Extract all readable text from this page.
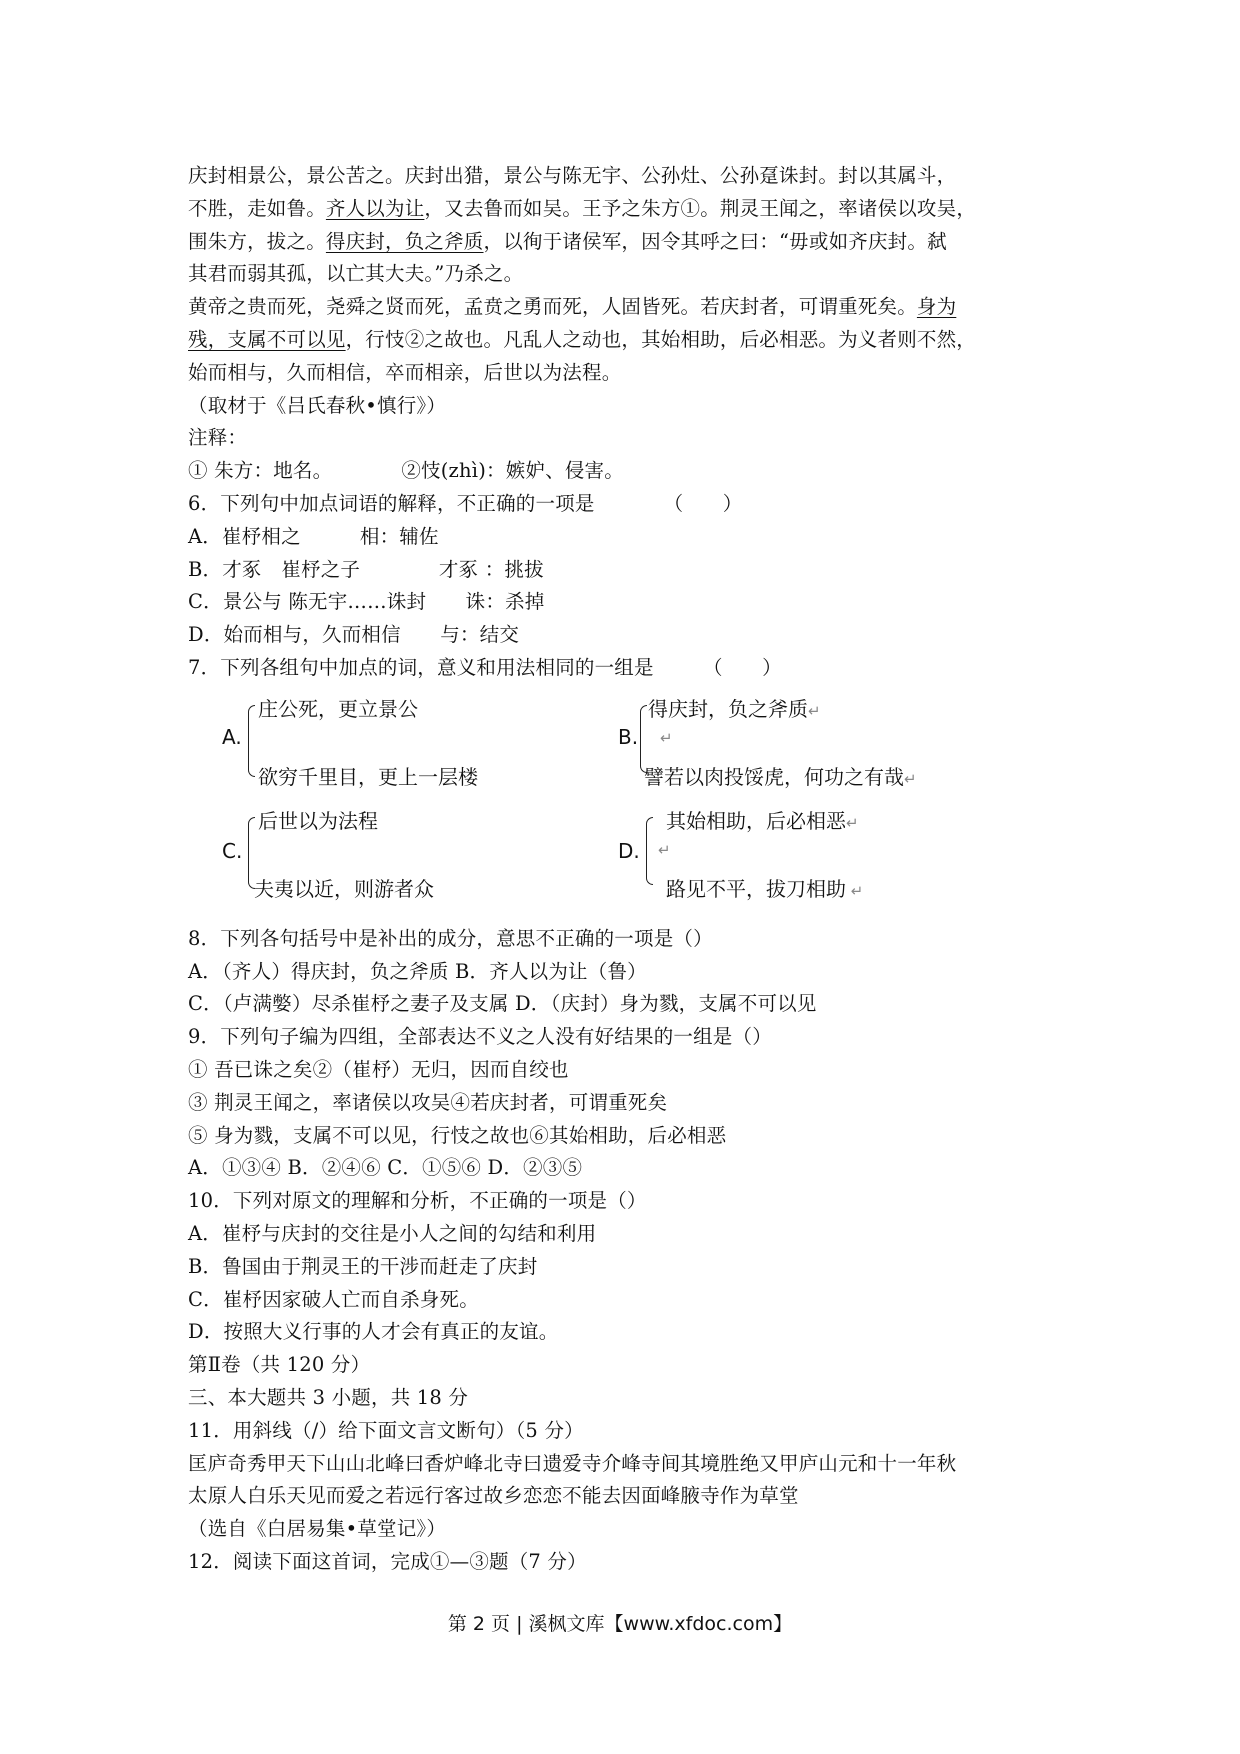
庆封相景公，景公苦之。庆封出猎，景公与陈无宇、公孙灶、公孙趸诛封。封以其属斗，
不胜，走如鲁。齐人以为让，又去鲁而如吴。王予之朱方①。荆灵王闻之，率诸侯以攻吴，
围朱方，拔之。得庆封，负之斧质，以徇于诸侯军，因令其呼之曰：“毋或如齐庆封。弑
其君而弱其孤，以亡其大夫。”乃杀之。
黄帝之贵而死，尧舜之贤而死，孟贲之勇而死，人固皆死。若庆封者，可谓重死矣。身为
残，支属不可以见，行忮②之故也。凡乱人之动也，其始相助，后必相恶。为义者则不然，
始而相与，久而相信，卒而相亲，后世以为法程。
（取材于《吕氏春秋•慎行》）
注释：
① 朱方：地名。　　　　②忮(zhì)：嫉妒、侵害。
6．下列句中加点词语的解释，不正确的一项是　　　　（　　）
A．崔杼相之　　　相：辅佐
B．才豖　崔杼之子　　　　才豖 ：挑拔
C．景公与 陈无宇……诛封　　诛：杀掉
D．始而相与，久而相信　　与：结交
7．下列各组句中加点的词，意义和用法相同的一组是　　　（　　）
A.
庄公死，更立景公
欲穷千里目，更上一层楼
B.
得庆封，负之斧质↵
↵
譬若以肉投馁虎，何功之有哉↵
C.
后世以为法程
夫夷以近，则游者众
D.
其始相助，后必相恶↵
↵
路见不平，拔刀相助 ↵
8．下列各句括号中是补出的成分，意思不正确的一项是（）
A．（齐人）得庆封，负之斧质 B．齐人以为让（鲁）
C．（卢满嫳）尽杀崔杼之妻子及支属 D．（庆封）身为戮，支属不可以见
9．下列句子编为四组，全部表达不义之人没有好结果的一组是（）
① 吾已诛之矣②（崔杼）无归，因而自绞也
③ 荆灵王闻之，率诸侯以攻吴④若庆封者，可谓重死矣
⑤ 身为戮，支属不可以见，行忮之故也⑥其始相助，后必相恶
A．①③④ B．②④⑥ C．①⑤⑥ D．②③⑤
10．下列对原文的理解和分析，不正确的一项是（）
A．崔杼与庆封的交往是小人之间的勾结和利用
B．鲁国由于荆灵王的干涉而赶走了庆封
C．崔杼因家破人亡而自杀身死。
D．按照大义行事的人才会有真正的友谊。
第Ⅱ卷（共 120 分）
三、本大题共 3 小题，共 18 分
11．用斜线（/）给下面文言文断句）（5 分）
匡庐奇秀甲天下山山北峰曰香炉峰北寺曰遗爱寺介峰寺间其境胜绝又甲庐山元和十一年秋
太原人白乐天见而爱之若远行客过故乡恋恋不能去因面峰腋寺作为草堂
（选自《白居易集•草堂记》）
12．阅读下面这首词，完成①—③题（7 分）
第 2 页 | 溪枫文库【www.xfdoc.com】
